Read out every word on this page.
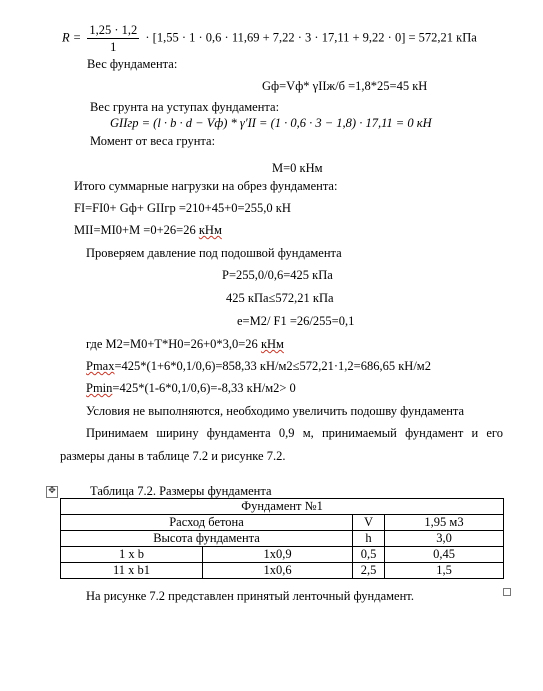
$R = \frac{1,25 \cdot 1,2}{1} \cdot [1,55 \cdot 1 \cdot 0,6 \cdot 11,69 + 7,22 \cdot 3 \cdot 17,11 + 9,22 \cdot 0] = 572,21$ кПа
Вес фундамента:
Gф=Vф* γIIж/б =1,8*25=45 кН
Вес грунта на уступах фундамента:
GIIгр = (l · b · d − Vф) * γ′II = (1 · 0,6 · 3 − 1,8) · 17,11 = 0 кН
Момент от веса грунта:
M=0 кНм
Итого суммарные нагрузки на обрез фундамента:
FI=FI0+ Gф+ GIIгр =210+45+0=255,0 кН
MII=MI0+M =0+26=26 кНм
Проверяем давление под подошвой фундамента
P=255,0/0,6=425 кПа
425 кПа≤572,21 кПа
e=M2/ F1 =26/255=0,1
где M2=M0+T*H0=26+0*3,0=26 кНм
Pmax=425*(1+6*0,1/0,6)=858,33 кН/м2≤572,21·1,2=686,65 кН/м2
Pmin=425*(1-6*0,1/0,6)=-8,33 кН/м2> 0
Условия не выполняются, необходимо увеличить подошву фундамента
Принимаем ширину фундамента 0,9 м, принимаемый фундамент и его
размеры даны в таблице 7.2 и рисунке 7.2.
✥	Таблица 7.2. Размеры фундамента
Фундамент №1			
Расход бетона		V	1,95 м3
Высота фундамента		h	3,0
1 x b	1x0,9	0,5	0,45
11 x b1	1x0,6	2,5	1,5
На рисунке 7.2 представлен принятый ленточный фундамент.
